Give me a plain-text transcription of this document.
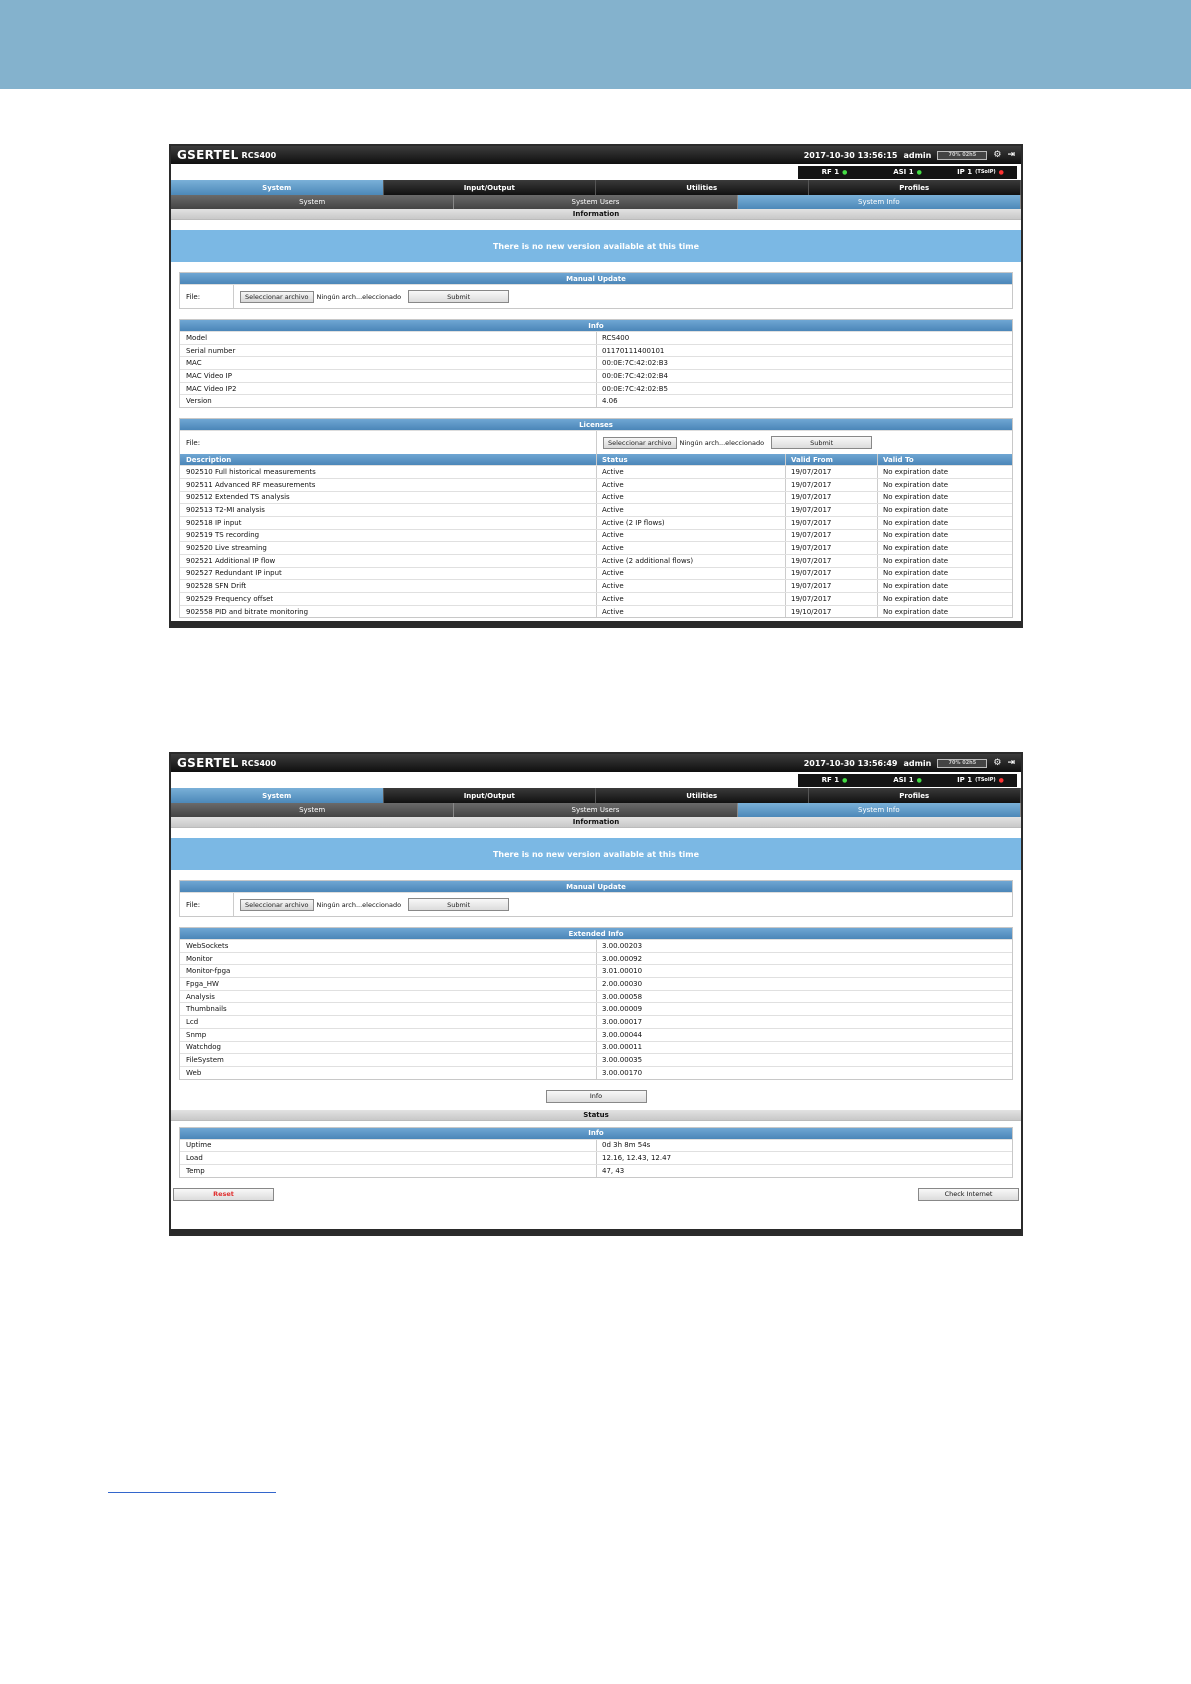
GSERTEL RCS400	2017-10-30 13:56:15 admin	70% 02h5	⚙ ⇥
RF 1 ●	ASI 1 ●	IP 1 (TSoIP) ●
System	Input/Output	Utilities	Profiles
System	System Users	System Info
Information
There is no new version available at this time
Manual Update
File:	Seleccionar archivo	Ningún arch...eleccionado	Submit
Info
Model	RCS400
Serial number	01170111400101
MAC	00:0E:7C:42:02:B3
MAC Video IP	00:0E:7C:42:02:B4
MAC Video IP2	00:0E:7C:42:02:B5
Version	4.06
Licenses
File:	Seleccionar archivo	Ningún arch...eleccionado	Submit
Description	Status	Valid From	Valid To
902510 Full historical measurements	Active	19/07/2017	No expiration date
902511 Advanced RF measurements	Active	19/07/2017	No expiration date
902512 Extended TS analysis	Active	19/07/2017	No expiration date
902513 T2-MI analysis	Active	19/07/2017	No expiration date
902518 IP input	Active (2 IP flows)	19/07/2017	No expiration date
902519 TS recording	Active	19/07/2017	No expiration date
902520 Live streaming	Active	19/07/2017	No expiration date
902521 Additional IP flow	Active (2 additional flows)	19/07/2017	No expiration date
902527 Redundant IP input	Active	19/07/2017	No expiration date
902528 SFN Drift	Active	19/07/2017	No expiration date
902529 Frequency offset	Active	19/07/2017	No expiration date
902558 PID and bitrate monitoring	Active	19/10/2017	No expiration date
GSERTEL RCS400	2017-10-30 13:56:49 admin	70% 02h5	⚙ ⇥
RF 1 ●	ASI 1 ●	IP 1 (TSoIP) ●
System	Input/Output	Utilities	Profiles
System	System Users	System Info
Information
There is no new version available at this time
Manual Update
File:	Seleccionar archivo	Ningún arch...eleccionado	Submit
Extended Info
WebSockets	3.00.00203
Monitor	3.00.00092
Monitor-fpga	3.01.00010
Fpga_HW	2.00.00030
Analysis	3.00.00058
Thumbnails	3.00.00009
Lcd	3.00.00017
Snmp	3.00.00044
Watchdog	3.00.00011
FileSystem	3.00.00035
Web	3.00.00170
Info
Status
Info
Uptime	0d 3h 8m 54s
Load	12.16, 12.43, 12.47
Temp	47, 43
Reset	Check Internet
